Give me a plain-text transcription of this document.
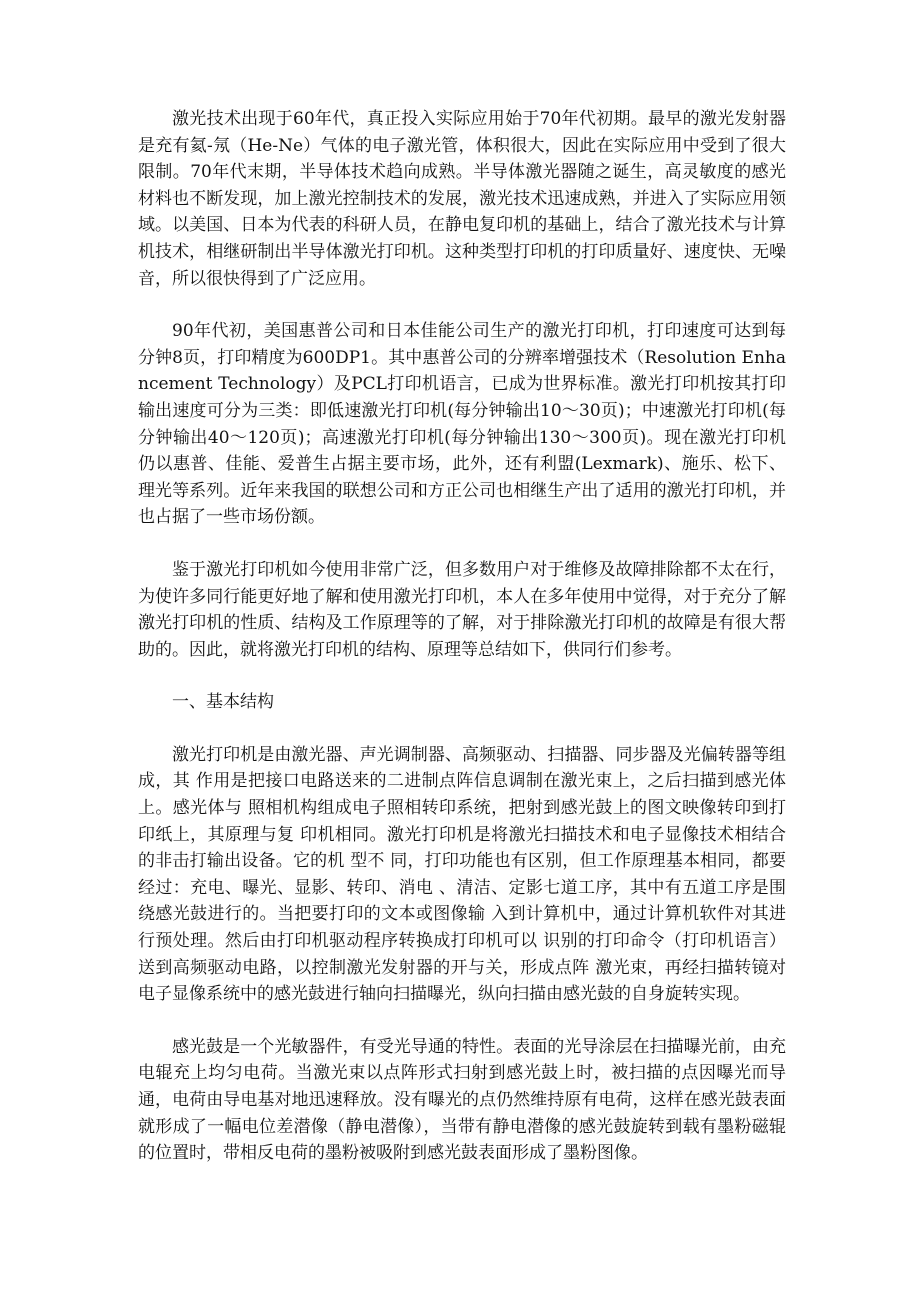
激光技术出现于60年代，真正投入实际应用始于70年代初期。最早的激光发射器是充有氦-氖（He-Ne）气体的电子激光管，体积很大，因此在实际应用中受到了很大限制。70年代末期，半导体技术趋向成熟。半导体激光器随之诞生，高灵敏度的感光材料也不断发现，加上激光控制技术的发展，激光技术迅速成熟，并进入了实际应用领域。以美国、日本为代表的科研人员，在静电复印机的基础上，结合了激光技术与计算机技术，相继研制出半导体激光打印机。这种类型打印机的打印质量好、速度快、无噪音，所以很快得到了广泛应用。

90年代初，美国惠普公司和日本佳能公司生产的激光打印机，打印速度可达到每分钟8页，打印精度为600DP1。其中惠普公司的分辨率增强技术（Resolution Enhancement Technology）及PCL打印机语言，已成为世界标准。激光打印机按其打印输出速度可分为三类：即低速激光打印机(每分钟输出10～30页)；中速激光打印机(每分钟输出40～120页)；高速激光打印机(每分钟输出130～300页)。现在激光打印机仍以惠普、佳能、爱普生占据主要市场，此外，还有利盟(Lexmark)、施乐、松下、理光等系列。近年来我国的联想公司和方正公司也相继生产出了适用的激光打印机，并也占据了一些市场份额。

鉴于激光打印机如今使用非常广泛，但多数用户对于维修及故障排除都不太在行，为使许多同行能更好地了解和使用激光打印机，本人在多年使用中觉得，对于充分了解激光打印机的性质、结构及工作原理等的了解，对于排除激光打印机的故障是有很大帮助的。因此，就将激光打印机的结构、原理等总结如下，供同行们参考。

一、基本结构

激光打印机是由激光器、声光调制器、高频驱动、扫描器、同步器及光偏转器等组成，其 作用是把接口电路送来的二进制点阵信息调制在激光束上，之后扫描到感光体上。感光体与 照相机构组成电子照相转印系统，把射到感光鼓上的图文映像转印到打印纸上，其原理与复 印机相同。激光打印机是将激光扫描技术和电子显像技术相结合的非击打输出设备。它的机 型不 同，打印功能也有区别，但工作原理基本相同，都要经过：充电、曝光、显影、转印、消电 、清洁、定影七道工序，其中有五道工序是围绕感光鼓进行的。当把要打印的文本或图像输 入到计算机中，通过计算机软件对其进行预处理。然后由打印机驱动程序转换成打印机可以 识别的打印命令（打印机语言）送到高频驱动电路，以控制激光发射器的开与关，形成点阵 激光束，再经扫描转镜对电子显像系统中的感光鼓进行轴向扫描曝光，纵向扫描由感光鼓的自身旋转实现。

感光鼓是一个光敏器件，有受光导通的特性。表面的光导涂层在扫描曝光前，由充电辊充上均匀电荷。当激光束以点阵形式扫射到感光鼓上时，被扫描的点因曝光而导通，电荷由导电基对地迅速释放。没有曝光的点仍然维持原有电荷，这样在感光鼓表面就形成了一幅电位差潜像（静电潜像），当带有静电潜像的感光鼓旋转到载有墨粉磁辊的位置时，带相反电荷的墨粉被吸附到感光鼓表面形成了墨粉图像。
